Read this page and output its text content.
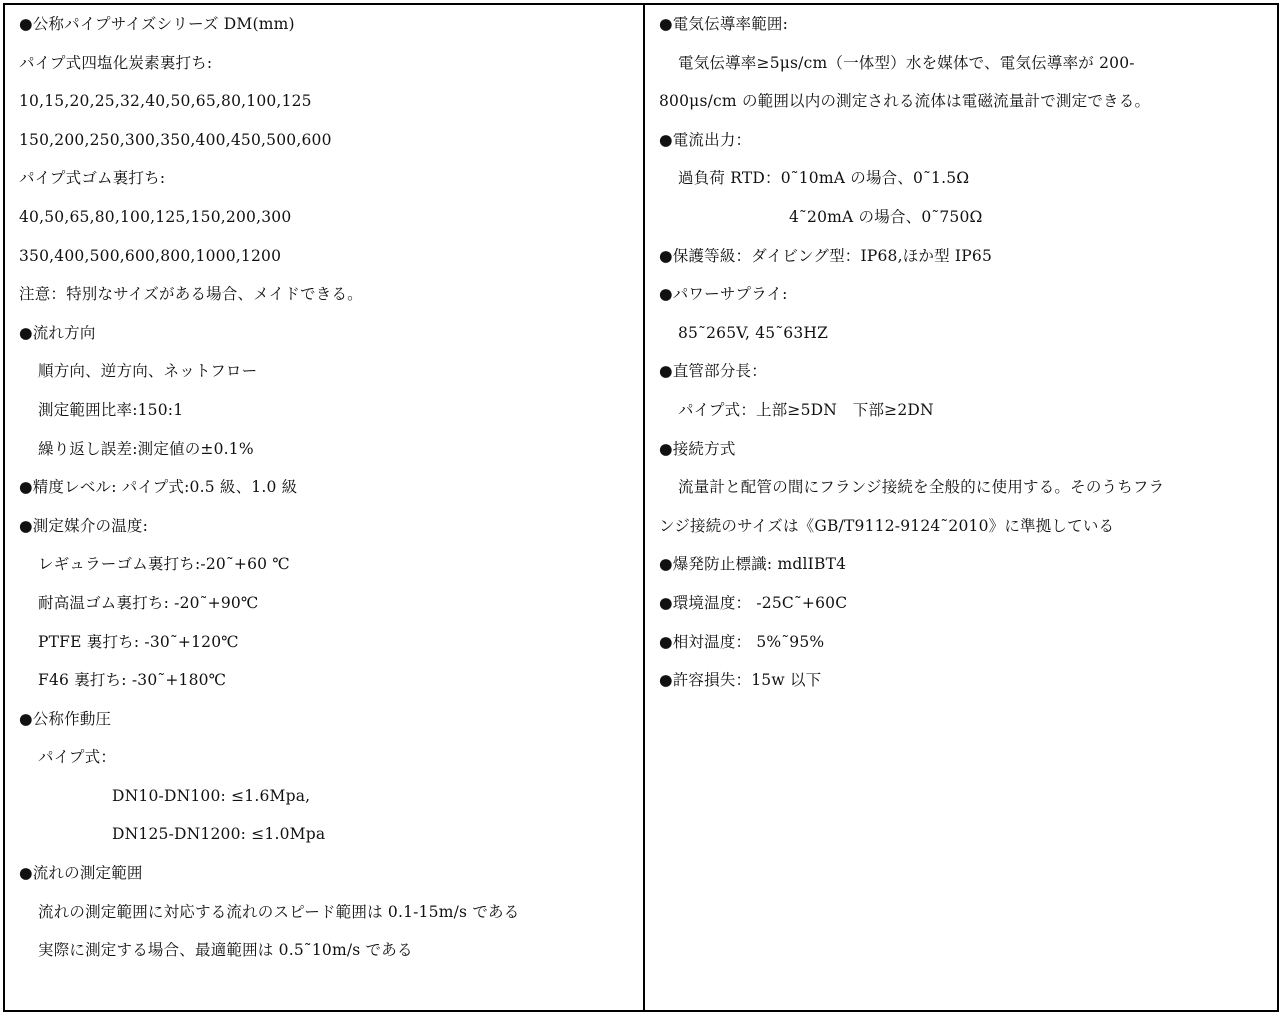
●公称パイプサイズシリーズ DM(mm)
パイプ式四塩化炭素裏打ち:
10,15,20,25,32,40,50,65,80,100,125
150,200,250,300,350,400,450,500,600
パイプ式ゴム裏打ち:
40,50,65,80,100,125,150,200,300
350,400,500,600,800,1000,1200
注意：特別なサイズがある場合、メイドできる。
●流れ方向
順方向、逆方向、ネットフロー
測定範囲比率:150:1
繰り返し誤差:測定値の±0.1%
●精度レベル: パイプ式:0.5 級、1.0 級
●測定媒介の温度:
レギュラーゴム裏打ち:-20˜+60 ℃
耐高温ゴム裏打ち: -20˜+90℃
PTFE 裏打ち: -30˜+120℃
F46 裏打ち: -30˜+180℃
●公称作動圧
パイプ式：
DN10-DN100: ≤1.6Mpa,
DN125-DN1200: ≤1.0Mpa
●流れの測定範囲
流れの測定範囲に対応する流れのスピード範囲は 0.1-15m/s である
実際に測定する場合、最適範囲は 0.5˜10m/s である
●電気伝導率範囲:
電気伝導率≥5μs/cm（一体型）水を媒体で、電気伝導率が 200-
800μs/cm の範囲以内の測定される流体は電磁流量計で測定できる。
●電流出力：
過負荷 RTD：0˜10mA の場合、0˜1.5Ω
4˜20mA の場合、0˜750Ω
●保護等級：ダイビング型：IP68,ほか型 IP65
●パワーサプライ:
85˜265V, 45˜63HZ
●直管部分長：
パイプ式：上部≥5DN　下部≥2DN
●接続方式
流量計と配管の間にフランジ接続を全般的に使用する。そのうちフラ
ンジ接続のサイズは《GB/T9112-9124˜2010》に準拠している
●爆発防止標識: mdlIBT4
●環境温度： -25C˜+60C
●相対温度： 5%˜95%
●許容損失：15w 以下
